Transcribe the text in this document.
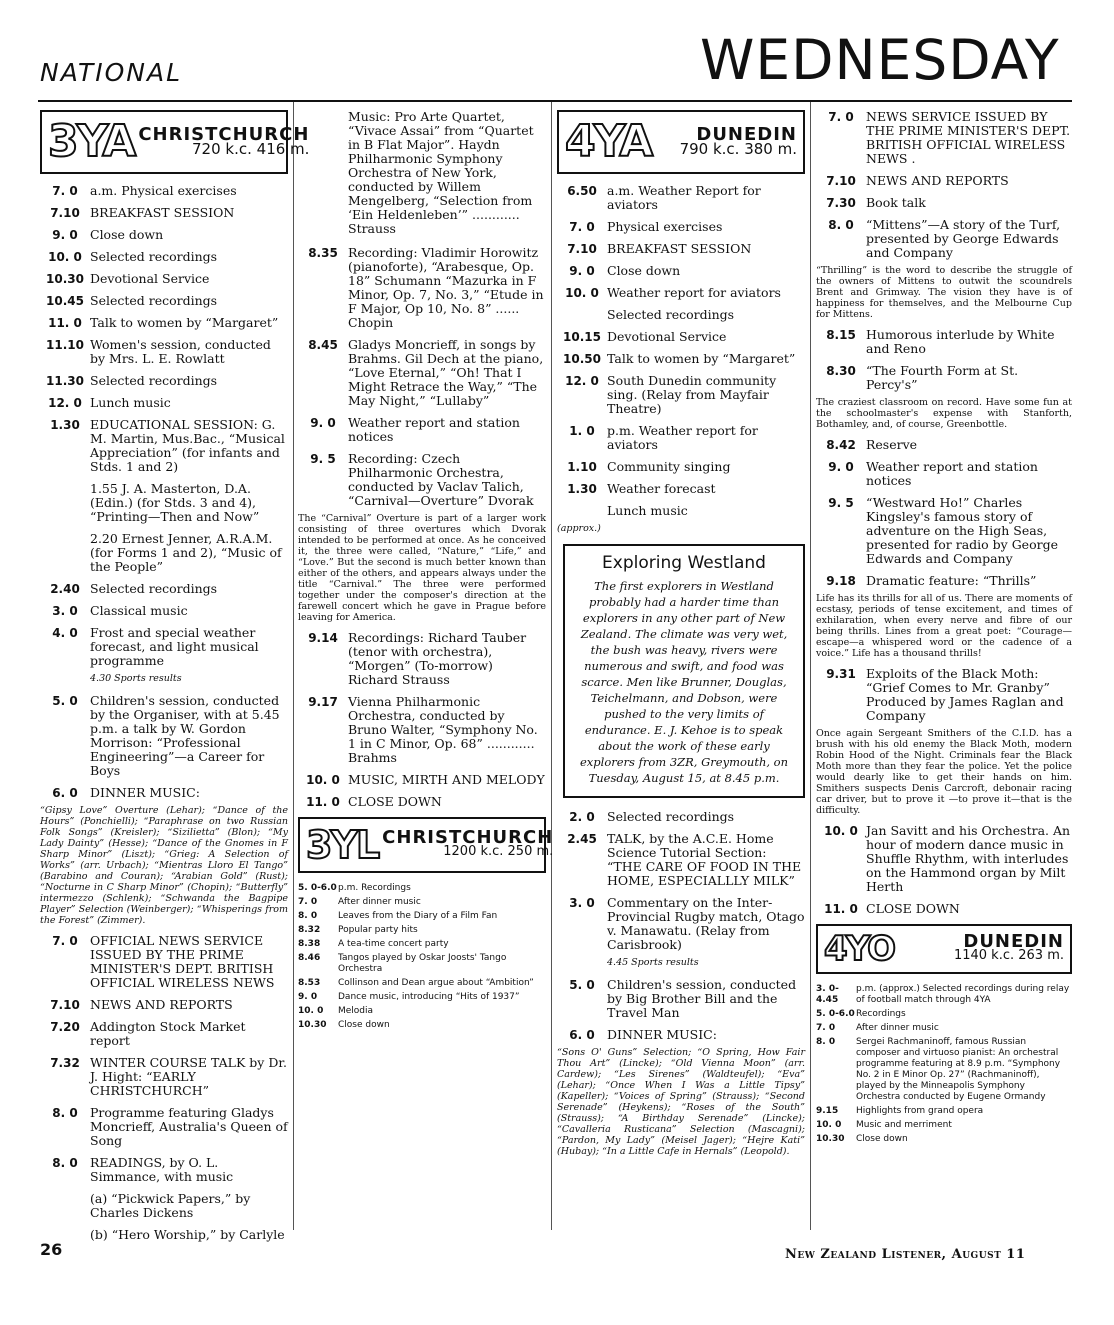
NATIONAL	WEDNESDAY
3YA CHRISTCHURCH
720 k.c. 416 m.
7. 0 a.m. Physical exercises
7.10 BREAKFAST SESSION
9. 0 Close down
10. 0 Selected recordings
10.30 Devotional Service
10.45 Selected recordings
11. 0 Talk to women by “Margaret”
11.10 Women's session, conducted by Mrs. L. E. Rowlatt
11.30 Selected recordings
12. 0 Lunch music
1.30 EDUCATIONAL SESSION: G. M. Martin, Mus.Bac., “Musical Appreciation” (for infants and Stds. 1 and 2)
1.55 J. A. Masterton, D.A. (Edin.) (for Stds. 3 and 4), “Printing—Then and Now”
2.20 Ernest Jenner, A.R.A.M. (for Forms 1 and 2), “Music of the People”
2.40 Selected recordings
3. 0 Classical music
4. 0 Frost and special weather forecast, and light musical programme
4.30 Sports results
5. 0 Children's session, conducted by the Organiser, with at 5.45 p.m. a talk by W. Gordon Morrison: “Professional Engineering”—a Career for Boys
6. 0 DINNER MUSIC:
“Gipsy Love” Overture (Lehar); “Dance of the Hours” (Ponchielli); “Paraphrase on two Russian Folk Songs” (Kreisler); “Sizilietta” (Blon); “My Lady Dainty” (Hesse); “Dance of the Gnomes in F Sharp Minor” (Liszt); “Grieg: A Selection of Works” (arr. Urbach); “Mientras Lloro El Tango” (Barabino and Couran); “Arabian Gold” (Rust); “Nocturne in C Sharp Minor” (Chopin); “Butterfly” intermezzo (Schlenk); “Schwanda the Bagpipe Player” Selection (Weinberger); “Whisperings from the Forest” (Zimmer).
7. 0 OFFICIAL NEWS SERVICE ISSUED BY THE PRIME MINISTER'S DEPT. BRITISH OFFICIAL WIRELESS NEWS
7.10 NEWS AND REPORTS
7.20 Addington Stock Market report
7.32 WINTER COURSE TALK by Dr. J. Hight: “EARLY CHRISTCHURCH”
8. 0 Programme featuring Gladys Moncrieff, Australia's Queen of Song
8. 0 READINGS, by O. L. Simmance, with music
(a) “Pickwick Papers,” by Charles Dickens
(b) “Hero Worship,” by Carlyle
Music: Pro Arte Quartet, “Vivace Assai” from “Quartet in B Flat Major”. Haydn Philharmonic Symphony Orchestra of New York, conducted by Willem Mengelberg, “Selection from ‘Ein Heldenleben’” ............ Strauss
8.35 Recording: Vladimir Horowitz (pianoforte), “Arabesque, Op. 18” Schumann “Mazurka in F Minor, Op. 7, No. 3,” “Etude in F Major, Op 10, No. 8” ...... Chopin
8.45 Gladys Moncrieff, in songs by Brahms. Gil Dech at the piano, “Love Eternal,” “Oh! That I Might Retrace the Way,” “The May Night,” “Lullaby”
9. 0 Weather report and station notices
9. 5 Recording: Czech Philharmonic Orchestra, conducted by Vaclav Talich, “Carnival—Overture” Dvorak
The “Carnival” Overture is part of a larger work consisting of three overtures which Dvorak intended to be performed at once. As he conceived it, the three were called, “Nature,” “Life,” and “Love.” But the second is much better known than either of the others, and appears always under the title “Carnival.” The three were performed together under the composer's direction at the farewell concert which he gave in Prague before leaving for America.
9.14 Recordings: Richard Tauber (tenor with orchestra), “Morgen” (To-morrow) Richard Strauss
9.17 Vienna Philharmonic Orchestra, conducted by Bruno Walter, “Symphony No. 1 in C Minor, Op. 68” ............ Brahms
10. 0 MUSIC, MIRTH AND MELODY
11. 0 CLOSE DOWN
3YL CHRISTCHURCH
1200 k.c. 250 m.
5. 0-6.0 p.m. Recordings
7. 0	After dinner music
8. 0	Leaves from the Diary of a Film Fan
8.32	Popular party hits
8.38	A tea-time concert party
8.46	Tangos played by Oskar Joosts' Tango Orchestra
8.53	Collinson and Dean argue about “Ambition”
9. 0	Dance music, introducing “Hits of 1937”
10. 0	Melodia
10.30	Close down
4YA	DUNEDIN
790 k.c. 380 m.
6.50 a.m. Weather Report for aviators
7. 0 Physical exercises
7.10 BREAKFAST SESSION
9. 0 Close down
10. 0 Weather report for aviators
Selected recordings
10.15 Devotional Service
10.50 Talk to women by “Margaret”
12. 0 South Dunedin community sing. (Relay from Mayfair Theatre)
1. 0 p.m. Weather report for aviators
1.10 Community singing
1.30 Weather forecast
Lunch music
(approx.)
Exploring Westland

The first explorers in Westland probably had a harder time than explorers in any other part of New Zealand. The climate was very wet, the bush was heavy, rivers were numerous and swift, and food was scarce. Men like Brunner, Douglas, Teichelmann, and Dobson, were pushed to the very limits of endurance. E. J. Kehoe is to speak about the work of these early explorers from 3ZR, Greymouth, on Tuesday, August 15, at 8.45 p.m.

2. 0 Selected recordings
2.45 TALK, by the A.C.E. Home Science Tutorial Section: “THE CARE OF FOOD IN THE HOME, ESPECIALLLY MILK”
3. 0 Commentary on the Inter-Provincial Rugby match, Otago v. Manawatu. (Relay from Carisbrook)
4.45 Sports results
5. 0 Children's session, conducted by Big Brother Bill and the Travel Man
6. 0 DINNER MUSIC:
“Sons O' Guns” Selection; “O Spring, How Fair Thou Art” (Lincke); “Old Vienna Moon” (arr. Cardew); “Les Sirenes” (Waldteufel); “Eva” (Lehar); “Once When I Was a Little Tipsy” (Kapeller); “Voices of Spring” (Strauss); “Second Serenade” (Heykens); “Roses of the South” (Strauss); “A Birthday Serenade” (Lincke); “Cavalleria Rusticana” Selection (Mascagni); “Pardon, My Lady” (Meisel Jager); “Hejre Kati” (Hubay); “In a Little Cafe in Hernals” (Leopold).
7. 0 NEWS SERVICE ISSUED BY THE PRIME MINISTER'S DEPT. BRITISH OFFICIAL WIRELESS NEWS .
7.10 NEWS AND REPORTS
7.30 Book talk
8. 0 “Mittens”—A story of the Turf, presented by George Edwards and Company
“Thrilling” is the word to describe the struggle of the owners of Mittens to outwit the scoundrels Brent and Grimway. The vision they have is of happiness for themselves, and the Melbourne Cup for Mittens.
8.15 Humorous interlude by White and Reno
8.30 “The Fourth Form at St. Percy's”
The craziest classroom on record. Have some fun at the schoolmaster's expense with Stanforth, Bothamley, and, of course, Greenbottle.
8.42 Reserve
9. 0 Weather report and station notices
9. 5 “Westward Ho!” Charles Kingsley's famous story of adventure on the High Seas, presented for radio by George Edwards and Company
9.18 Dramatic feature: “Thrills”
Life has its thrills for all of us. There are moments of ecstasy, periods of tense excitement, and times of exhilaration, when every nerve and fibre of our being thrills. Lines from a great poet: “Courage—escape—a whispered word or the cadence of a voice.” Life has a thousand thrills!
9.31 Exploits of the Black Moth: “Grief Comes to Mr. Granby” Produced by James Raglan and Company
Once again Sergeant Smithers of the C.I.D. has a brush with his old enemy the Black Moth, modern Robin Hood of the Night. Criminals fear the Black Moth more than they fear the police. Yet the police would dearly like to get their hands on him. Smithers suspects Denis Carcroft, debonair racing car driver, but to prove it —to prove it—that is the difficulty.
10. 0 Jan Savitt and his Orchestra. An hour of modern dance music in Shuffle Rhythm, with interludes on the Hammond organ by Milt Herth
11. 0 CLOSE DOWN
4YO	DUNEDIN
1140 k.c. 263 m.
3. 0-4.45
p.m. (approx.) Selected recordings during relay of football match through 4YA
5. 0-6.0 Recordings
7. 0	After dinner music
8. 0	Sergei Rachmaninoff, famous Russian composer and virtuoso pianist: An orchestral programme featuring at 8.9 p.m. “Symphony No. 2 in E Minor Op. 27” (Rachmaninoff), played by the Minneapolis Symphony Orchestra conducted by Eugene Ormandy
9.15	Highlights from grand opera
10. 0	Music and merriment
10.30	Close down
26	New Zealand Listener, August 11
